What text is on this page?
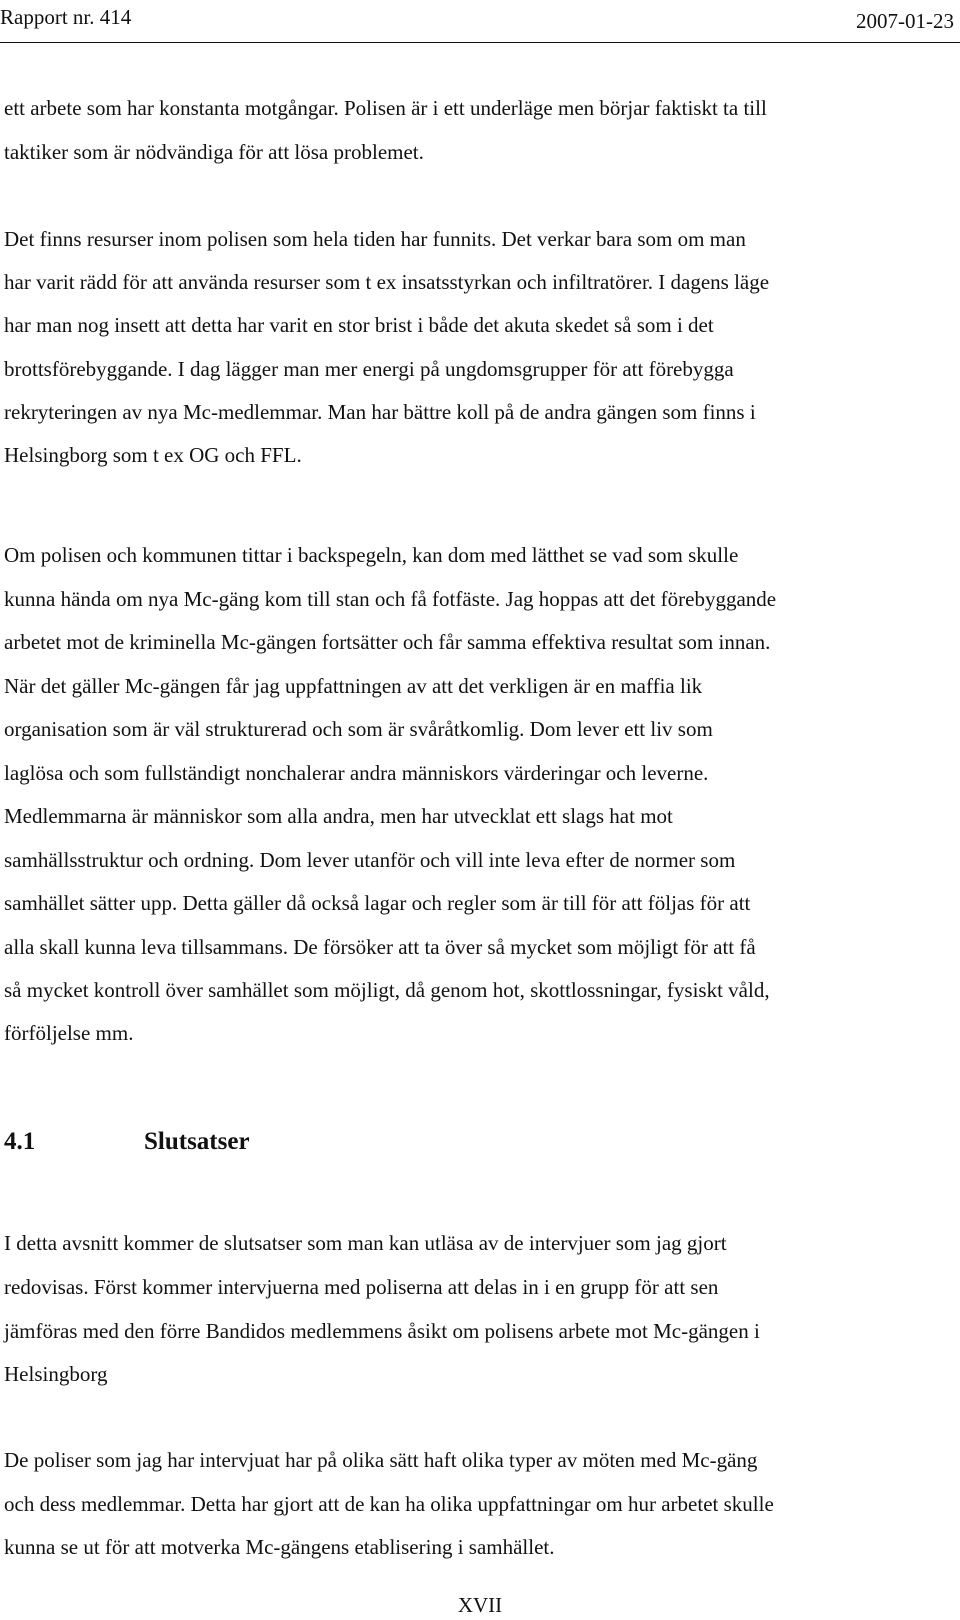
Rapport nr. 414	2007-01-23

ett arbete som har konstanta motgångar. Polisen är i ett underläge men börjar faktiskt ta till

taktiker som är nödvändiga för att lösa problemet.

Det finns resurser inom polisen som hela tiden har funnits. Det verkar bara som om man

har varit rädd för att använda resurser som t ex insatsstyrkan och infiltratörer. I dagens läge

har man nog insett att detta har varit en stor brist i både det akuta skedet så som i det

brottsförebyggande. I dag lägger man mer energi på ungdomsgrupper för att förebygga

rekryteringen av nya Mc-medlemmar. Man har bättre koll på de andra gängen som finns i

Helsingborg som t ex OG och FFL.

Om polisen och kommunen tittar i backspegeln, kan dom med lätthet se vad som skulle

kunna hända om nya Mc-gäng kom till stan och få fotfäste. Jag hoppas att det förebyggande

arbetet mot de kriminella Mc-gängen fortsätter och får samma effektiva resultat som innan.

När det gäller Mc-gängen får jag uppfattningen av att det verkligen är en maffia lik

organisation som är väl strukturerad och som är svåråtkomlig. Dom lever ett liv som

laglösa och som fullständigt nonchalerar andra människors värderingar och leverne.

Medlemmarna är människor som alla andra, men har utvecklat ett slags hat mot

samhällsstruktur och ordning. Dom lever utanför och vill inte leva efter de normer som

samhället sätter upp. Detta gäller då också lagar och regler som är till för att följas för att

alla skall kunna leva tillsammans. De försöker att ta över så mycket som möjligt för att få

så mycket kontroll över samhället som möjligt, då genom hot, skottlossningar, fysiskt våld,

förföljelse mm.

4.1	Slutsatser

I detta avsnitt kommer de slutsatser som man kan utläsa av de intervjuer som jag gjort

redovisas. Först kommer intervjuerna med poliserna att delas in i en grupp för att sen

jämföras med den förre Bandidos medlemmens åsikt om polisens arbete mot Mc-gängen i

Helsingborg

De poliser som jag har intervjuat har på olika sätt haft olika typer av möten med Mc-gäng

och dess medlemmar. Detta har gjort att de kan ha olika uppfattningar om hur arbetet skulle

kunna se ut för att motverka Mc-gängens etablisering i samhället.

XVII
